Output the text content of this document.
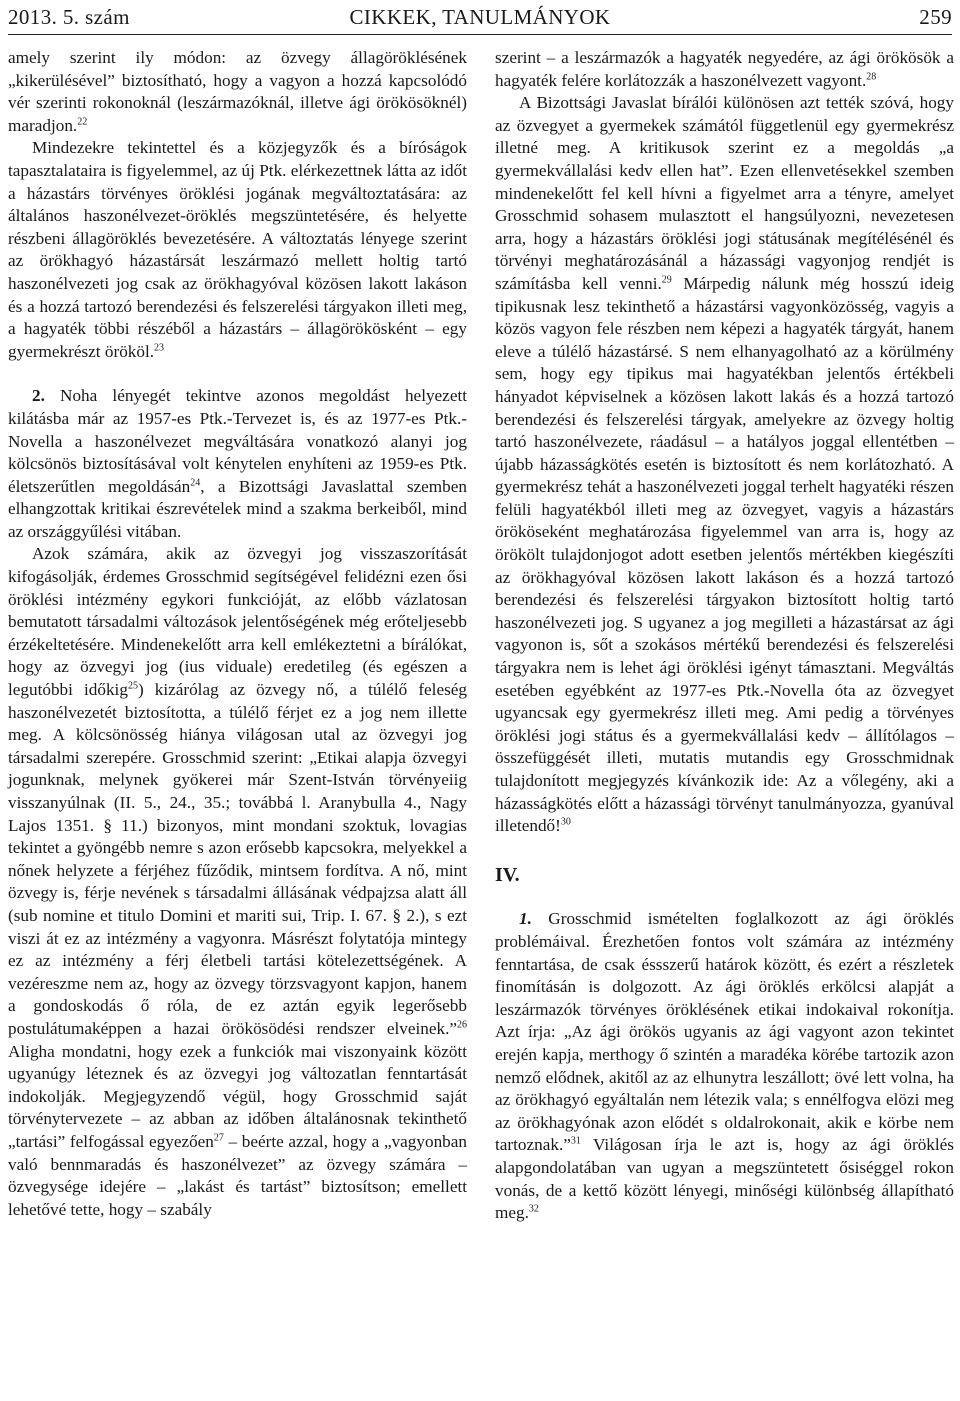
2013. 5. szám	CIKKEK, TANULMÁNYOK	259

amely szerint ily módon: az özvegy állagöröklésének „kikerülésével” biztosítható, hogy a vagyon a hozzá kapcsolódó vér szerinti rokonoknál (leszármazóknál, illetve ági örökösöknél) maradjon.$^{22}$

Mindezekre tekintettel és a közjegyzők és a bíróságok tapasztalataira is figyelemmel, az új Ptk. elérkezettnek látta az időt a házastárs törvényes öröklési jogának megváltoztatására: az általános haszonélvezet-öröklés megszüntetésére, és helyette részbeni állagöröklés bevezetésére. A változtatás lényege szerint az örökhagyó házastársát leszármazó mellett holtig tartó haszonélvezeti jog csak az örökhagyóval közösen lakott lakáson és a hozzá tartozó berendezési és felszerelési tárgyakon illeti meg, a hagyaték többi részéből a házastárs – állagörökösként – egy gyermekrészt örököl.$^{23}$

2. Noha lényegét tekintve azonos megoldást helyezett kilátásba már az 1957-es Ptk.-Tervezet is, és az 1977-es Ptk.-Novella a haszonélvezet megváltására vonatkozó alanyi jog kölcsönös biztosításával volt kénytelen enyhíteni az 1959-es Ptk. életszerűtlen megoldásán$^{24}$, a Bizottsági Javaslattal szemben elhangzottak kritikai észrevételek mind a szakma berkeiből, mind az országgyűlési vitában.

Azok számára, akik az özvegyi jog visszaszorítását kifogásolják, érdemes Grosschmid segítségével felidézni ezen ősi öröklési intézmény egykori funkcióját, az előbb vázlatosan bemutatott társadalmi változások jelentőségének még erőteljesebb érzékeltetésére. Mindenekelőtt arra kell emlékeztetni a bírálókat, hogy az özvegyi jog (ius viduale) eredetileg (és egészen a legutóbbi időkig$^{25}$) kizárólag az özvegy nő, a túlélő feleség haszonélvezetét biztosította, a túlélő férjet ez a jog nem illette meg. A kölcsönösség hiánya világosan utal az özvegyi jog társadalmi szerepére. Grosschmid szerint: „Etikai alapja özvegyi jogunknak, melynek gyökerei már Szent-István törvényeiig visszanyúlnak (II. 5., 24., 35.; továbbá l. Aranybulla 4., Nagy Lajos 1351. § 11.) bizonyos, mint mondani szoktuk, lovagias tekintet a gyöngébb nemre s azon erősebb kapcsokra, melyekkel a nőnek helyzete a férjéhez fűződik, mintsem fordítva. A nő, mint özvegy is, férje nevének s társadalmi állásának védpajzsa alatt áll (sub nomine et titulo Domini et mariti sui, Trip. I. 67. § 2.), s ezt viszi át ez az intézmény a vagyonra. Másrészt folytatója mintegy ez az intézmény a férj életbeli tartási kötelezettségének. A vezéreszme nem az, hogy az özvegy törzsvagyont kapjon, hanem a gondoskodás ő róla, de ez aztán egyik legerősebb postulátumaképpen a hazai örökösödési rendszer elveinek.”$^{26}$ Aligha mondatni, hogy ezek a funkciók mai viszonyaink között ugyanúgy léteznek és az özvegyi jog változatlan fenntartását indokolják. Megjegyzendő végül, hogy Grosschmid saját törvénytervezete – az abban az időben általánosnak tekinthető „tartási” felfogással egyezően$^{27}$ – beérte azzal, hogy a „vagyonban való bennmaradás és haszonélvezet” az özvegy számára – özvegysége idejére – „lakást és tartást” biztosítson; emellett lehetővé tette, hogy – szabály

szerint – a leszármazók a hagyaték negyedére, az ági örökösök a hagyaték felére korlátozzák a haszonélvezett vagyont.$^{28}$

A Bizottsági Javaslat bírálói különösen azt tették szóvá, hogy az özvegyet a gyermekek számától függetlenül egy gyermekrész illetné meg. A kritikusok szerint ez a megoldás „a gyermekvállalási kedv ellen hat”. Ezen ellenvetésekkel szemben mindenekelőtt fel kell hívni a figyelmet arra a tényre, amelyet Grosschmid sohasem mulasztott el hangsúlyozni, nevezetesen arra, hogy a házastárs öröklési jogi státusának megítélésénél és törvényi meghatározásánál a házassági vagyonjog rendjét is számításba kell venni.$^{29}$ Márpedig nálunk még hosszú ideig tipikusnak lesz tekinthető a házastársi vagyonközösség, vagyis a közös vagyon fele részben nem képezi a hagyaték tárgyát, hanem eleve a túlélő házastársé. S nem elhanyagolható az a körülmény sem, hogy egy tipikus mai hagyatékban jelentős értékbeli hányadot képviselnek a közösen lakott lakás és a hozzá tartozó berendezési és felszerelési tárgyak, amelyekre az özvegy holtig tartó haszonélvezete, ráadásul – a hatályos joggal ellentétben – újabb házasságkötés esetén is biztosított és nem korlátozható. A gyermekrész tehát a haszonélvezeti joggal terhelt hagyatéki részen felüli hagyatékból illeti meg az özvegyet, vagyis a házastárs örököseként meghatározása figyelemmel van arra is, hogy az örökölt tulajdonjogot adott esetben jelentős mértékben kiegészíti az örökhagyóval közösen lakott lakáson és a hozzá tartozó berendezési és felszerelési tárgyakon biztosított holtig tartó haszonélvezeti jog. S ugyanez a jog megilleti a házastársat az ági vagyonon is, sőt a szokásos mértékű berendezési és felszerelési tárgyakra nem is lehet ági öröklési igényt támasztani. Megváltás esetében egyébként az 1977-es Ptk.-Novella óta az özvegyet ugyancsak egy gyermekrész illeti meg. Ami pedig a törvényes öröklési jogi státus és a gyermekvállalási kedv – állítólagos – összefüggését illeti, mutatis mutandis egy Grosschmidnak tulajdonított megjegyzés kívánkozik ide: Az a vőlegény, aki a házasságkötés előtt a házassági törvényt tanulmányozza, gyanúval illetendő!$^{30}$

IV.

1. Grosschmid ismételten foglalkozott az ági öröklés problémáival. Érezhetően fontos volt számára az intézmény fenntartása, de csak éssszerű határok között, és ezért a részletek finomításán is dolgozott. Az ági öröklés erkölcsi alapját a leszármazók törvényes öröklésének etikai indokaival rokonítja. Azt írja: „Az ági örökös ugyanis az ági vagyont azon tekintet erején kapja, merthogy ő szintén a maradéka körébe tartozik azon nemző elődnek, akitől az az elhunytra leszállott; övé lett volna, ha az örökhagyó egyáltalán nem létezik vala; s ennélfogva elözi meg az örökhagyónak azon elődét s oldalrokonait, akik e körbe nem tartoznak.”$^{31}$ Világosan írja le azt is, hogy az ági öröklés alapgondolatában van ugyan a megszüntetett ősiséggel rokon vonás, de a kettő között lényegi, minőségi különbség állapítható meg.$^{32}$
